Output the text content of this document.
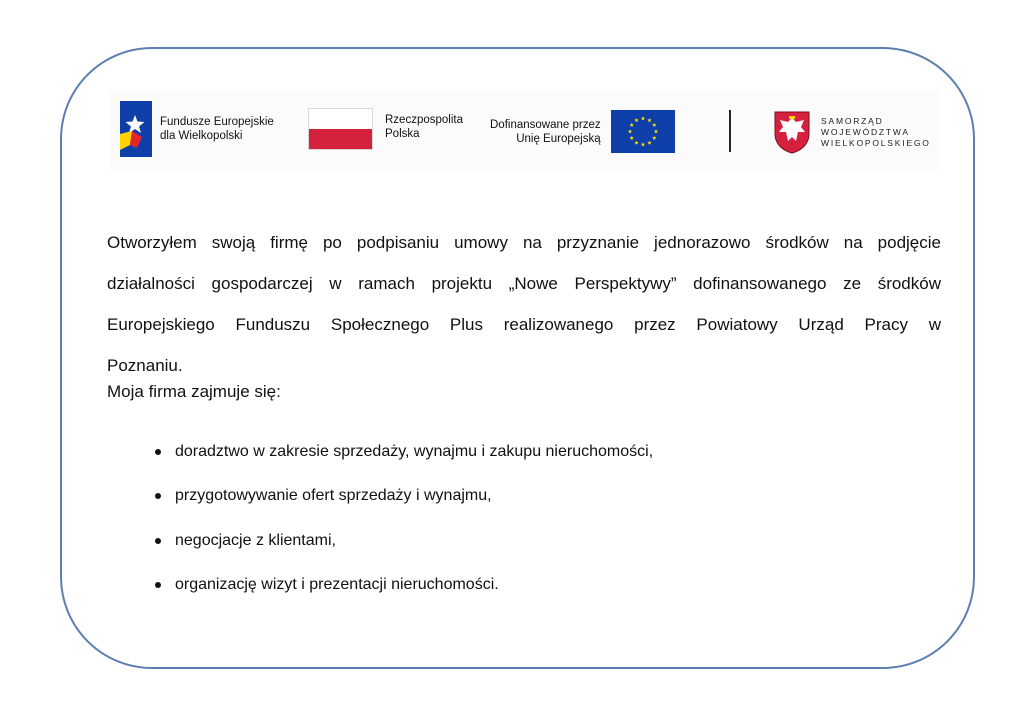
Fundusze Europejskie
dla Wielkopolski
Rzeczpospolita
Polska
Dofinansowane przez
Unię Europejską
SAMORZĄD
WOJEWÓDZTWA
WIELKOPOLSKIEGO

Otworzyłem swoją firmę po podpisaniu umowy na przyznanie jednorazowo środków na podjęcie
działalności gospodarczej w ramach projektu „Nowe Perspektywy” dofinansowanego ze środków
Europejskiego Funduszu Społecznego Plus realizowanego przez Powiatowy Urząd Pracy w
Poznaniu.

Moja firma zajmuje się:

doradztwo w zakresie sprzedaży, wynajmu i zakupu nieruchomości,
przygotowywanie ofert sprzedaży i wynajmu,
negocjacje z klientami,
organizację wizyt i prezentacji nieruchomości.
